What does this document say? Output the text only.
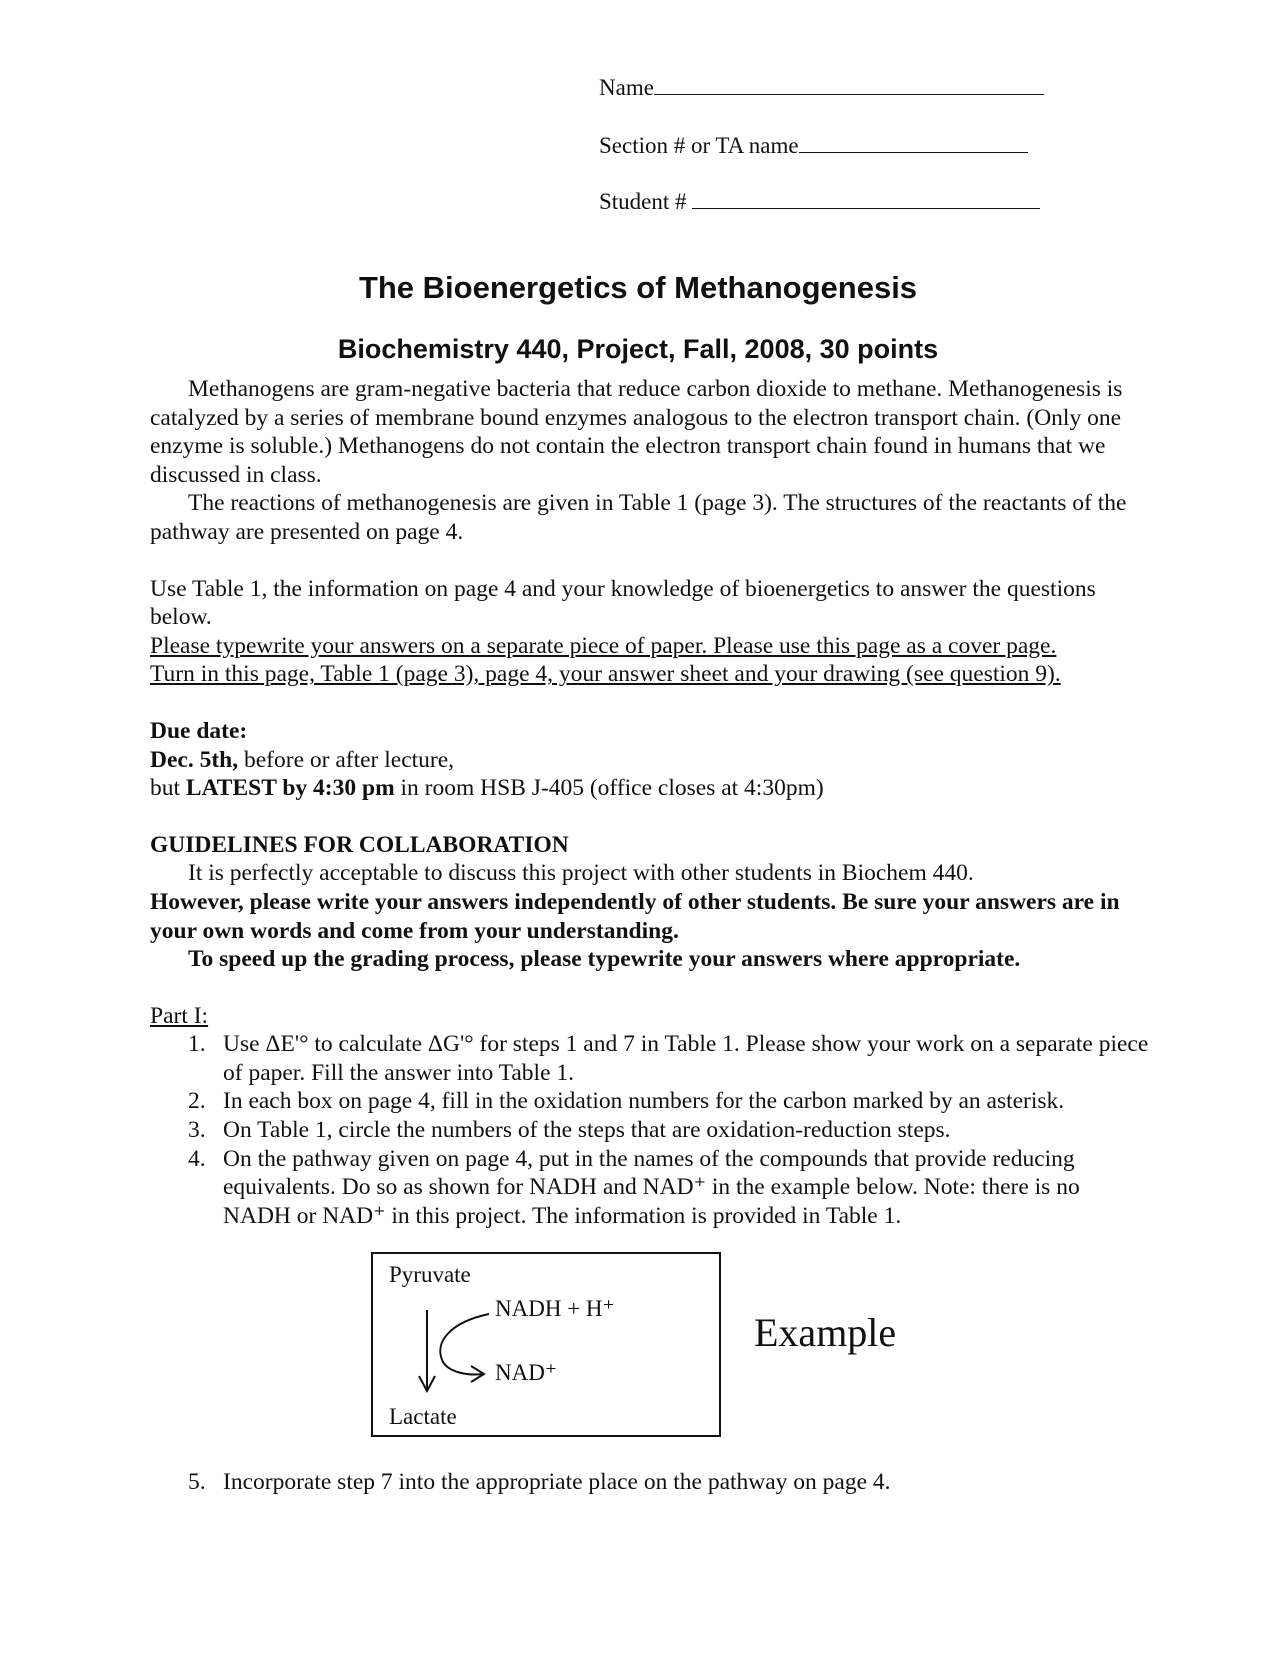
Name
Section # or TA name
Student #
The Bioenergetics of Methanogenesis
Biochemistry 440, Project, Fall, 2008, 30 points

Methanogens are gram-negative bacteria that reduce carbon dioxide to methane. Methanogenesis is catalyzed by a series of membrane bound enzymes analogous to the electron transport chain. (Only one enzyme is soluble.) Methanogens do not contain the electron transport chain found in humans that we discussed in class.

The reactions of methanogenesis are given in Table 1 (page 3). The structures of the reactants of the pathway are presented on page 4.

Use Table 1, the information on page 4 and your knowledge of bioenergetics to answer the questions below.

Please typewrite your answers on a separate piece of paper. Please use this page as a cover page.

Turn in this page, Table 1 (page 3), page 4, your answer sheet and your drawing (see question 9).

Due date:

Dec. 5th, before or after lecture,

but LATEST by 4:30 pm in room HSB J-405 (office closes at 4:30pm)

GUIDELINES FOR COLLABORATION

It is perfectly acceptable to discuss this project with other students in Biochem 440.

However, please write your answers independently of other students. Be sure your answers are in your own words and come from your understanding.

To speed up the grading process, please typewrite your answers where appropriate.

Part I:

1. Use ΔE'° to calculate ΔG'° for steps 1 and 7 in Table 1. Please show your work on a separate piece of paper. Fill the answer into Table 1.
2. In each box on page 4, fill in the oxidation numbers for the carbon marked by an asterisk.
3. On Table 1, circle the numbers of the steps that are oxidation-reduction steps.
4. On the pathway given on page 4, put in the names of the compounds that provide reducing equivalents. Do so as shown for NADH and NAD⁺ in the example below. Note: there is no NADH or NAD⁺ in this project. The information is provided in Table 1.
Pyruvate
NADH + H⁺
NAD⁺
Lactate
Example
5. Incorporate step 7 into the appropriate place on the pathway on page 4.
